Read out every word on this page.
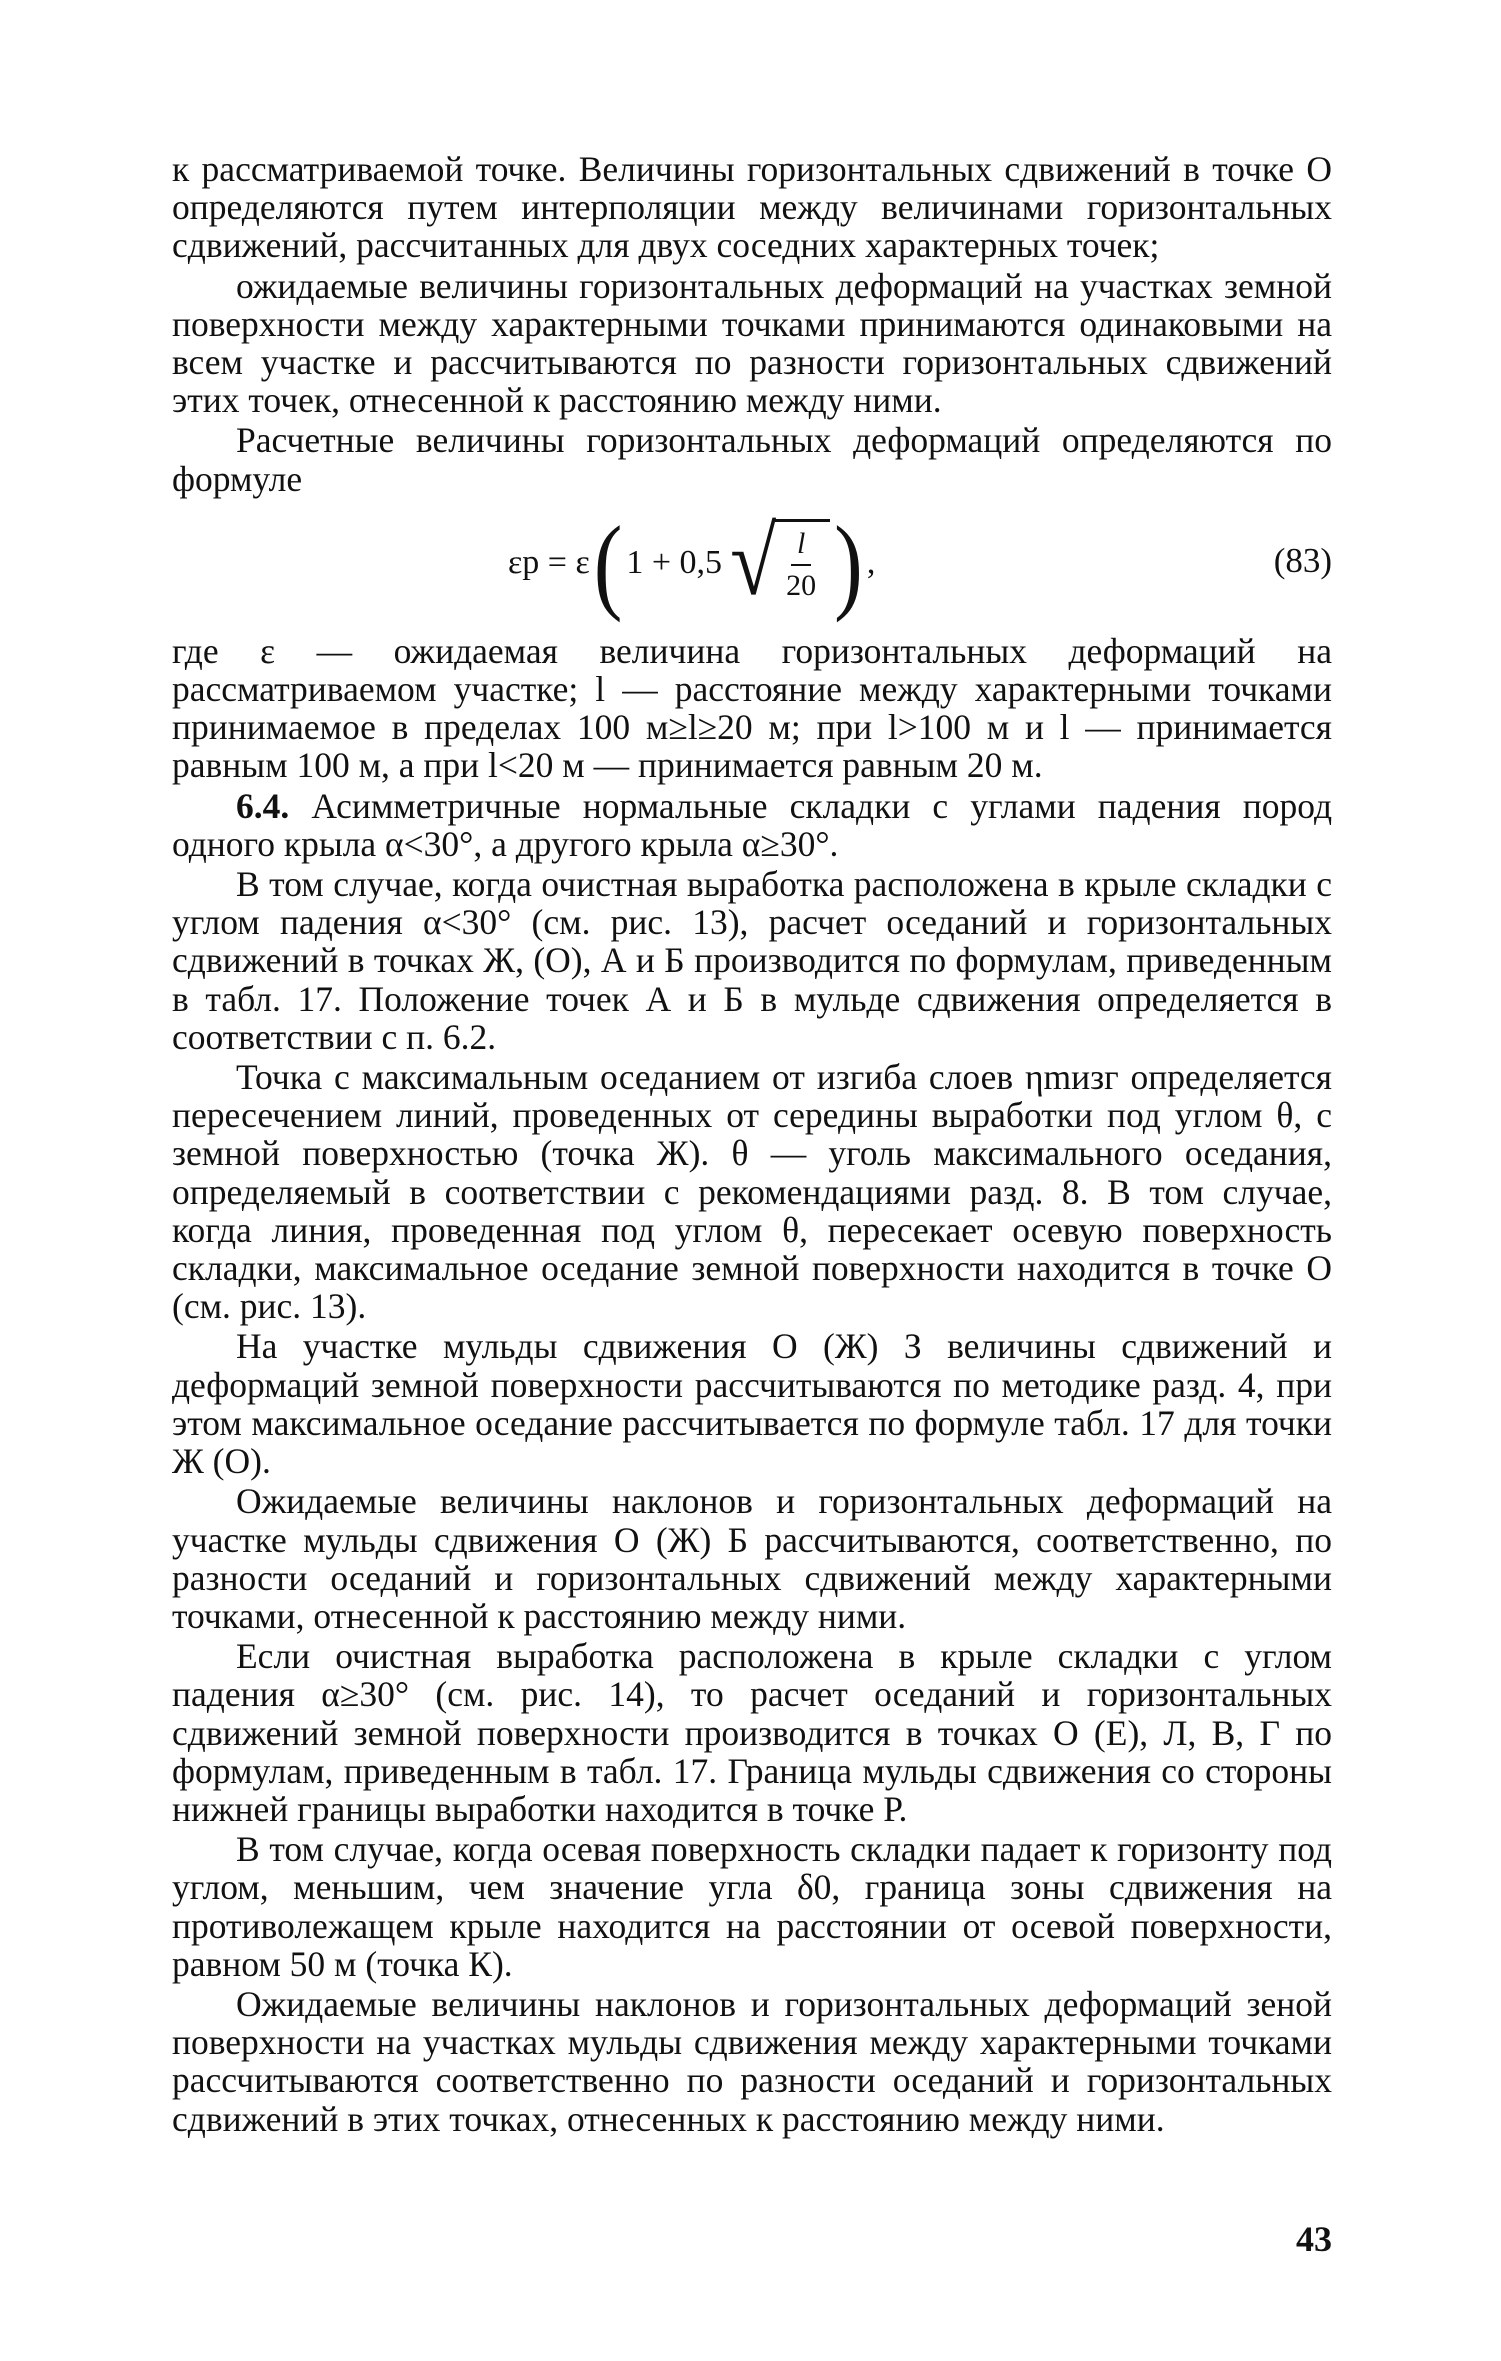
к рассматриваемой точке. Величины горизонтальных сдвижений в точке О определяются путем интерполяции между величинами горизонтальных сдвижений, рассчитанных для двух соседних характерных точек;

ожидаемые величины горизонтальных деформаций на участках земной поверхности между характерными точками принимаются одинаковыми на всем участке и рассчитываются по разности горизонтальных сдвижений этих точек, отнесенной к расстоянию между ними.

Расчетные величины горизонтальных деформаций определяются по формуле

εр = ε ( 1 + 0,5 √
$\frac{l}{20}$ ) ,	(83)

где ε — ожидаемая величина горизонтальных деформаций на рассматриваемом участке; l — расстояние между характерными точками принимаемое в пределах 100 м≥l≥20 м; при l>100 м и l — принимается равным 100 м, а при l<20 м — принимается равным 20 м.

6.4. Асимметричные нормальные складки с углами падения пород одного крыла α<30°, а другого крыла α≥30°.

В том случае, когда очистная выработка расположена в крыле складки с углом падения α<30° (см. рис. 13), расчет оседаний и горизонтальных сдвижений в точках Ж, (О), А и Б производится по формулам, приведенным в табл. 17. Положение точек А и Б в мульде сдвижения определяется в соответствии с п. 6.2.

Точка с максимальным оседанием от изгиба слоев ηmизг определяется пересечением линий, проведенных от середины выработки под углом θ, с земной поверхностью (точка Ж). θ — уголь максимального оседания, определяемый в соответствии с рекомендациями разд. 8. В том случае, когда линия, проведенная под углом θ, пересекает осевую поверхность складки, максимальное оседание земной поверхности находится в точке О (см. рис. 13).

На участке мульды сдвижения О (Ж) З величины сдвижений и деформаций земной поверхности рассчитываются по методике разд. 4, при этом максимальное оседание рассчитывается по формуле табл. 17 для точки Ж (О).

Ожидаемые величины наклонов и горизонтальных деформаций на участке мульды сдвижения О (Ж) Б рассчитываются, соответственно, по разности оседаний и горизонтальных сдвижений между характерными точками, отнесенной к расстоянию между ними.

Если очистная выработка расположена в крыле складки с углом падения α≥30° (см. рис. 14), то расчет оседаний и горизонтальных сдвижений земной поверхности производится в точках О (Е), Л, В, Г по формулам, приведенным в табл. 17. Граница мульды сдвижения со стороны нижней границы выработки находится в точке Р.

В том случае, когда осевая поверхность складки падает к горизонту под углом, меньшим, чем значение угла δ0, граница зоны сдвижения на противолежащем крыле находится на расстоянии от осевой поверхности, равном 50 м (точка К).

Ожидаемые величины наклонов и горизонтальных деформаций зеной поверхности на участках мульды сдвижения между характерными точками рассчитываются соответственно по разности оседаний и горизонтальных сдвижений в этих точках, отнесенных к расстоянию между ними.

43
